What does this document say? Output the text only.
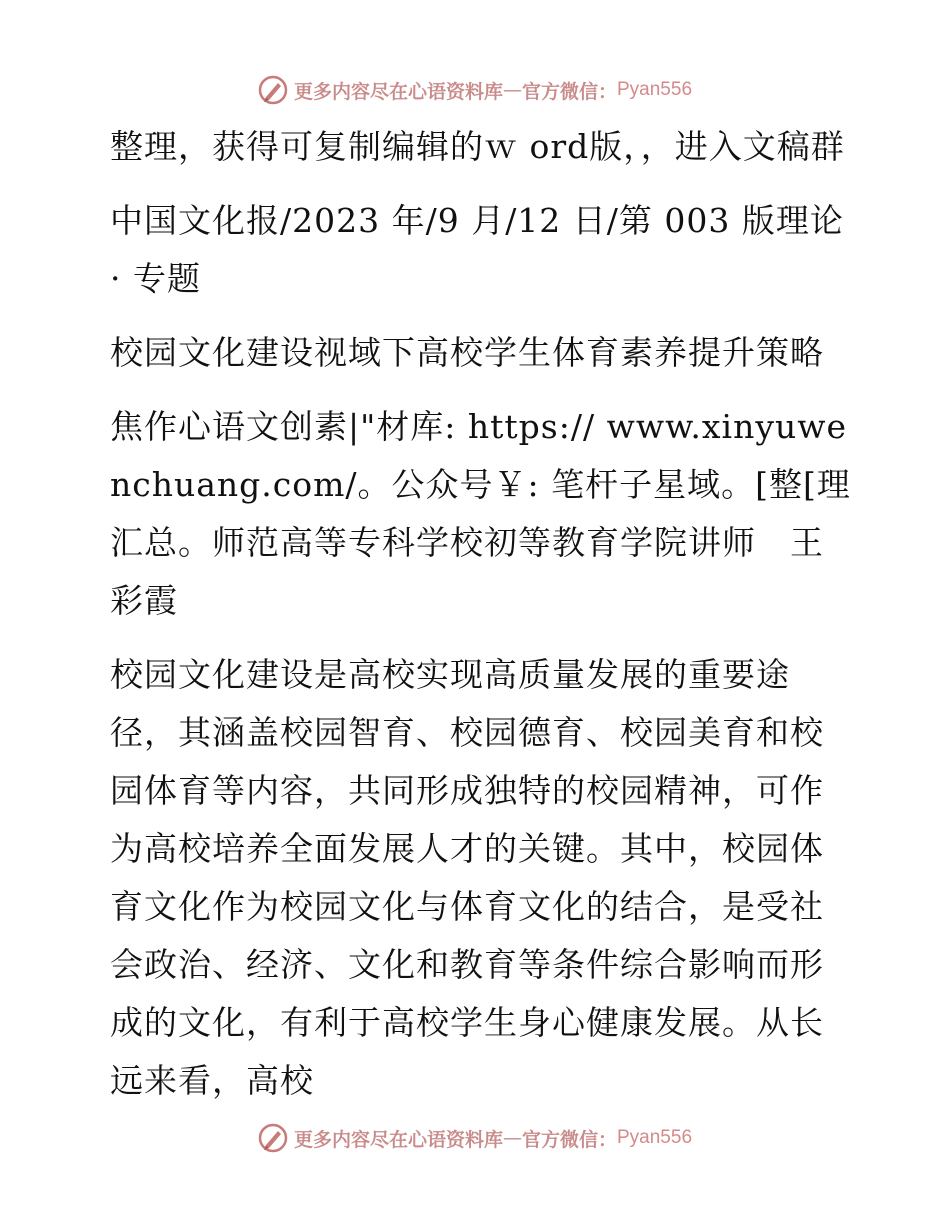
更多内容尽在心语资料库 — 官方微信： Pyan556

整理，获得可复制编辑的ｗ ord版，，进入文稿群

中国文化报/2023 年/9 月/12 日/第 003 版理论 · 专题

校园文化建设视域下高校学生体育素养提升策略

焦作心语文创素|"材库: https:// www.xinyuwenchuang.com/。公众号￥: 笔杆子星域。[整[理汇总。师范高等专科学校初等教育学院讲师　王彩霞

校园文化建设是高校实现高质量发展的重要途径，其涵盖校园智育、校园德育、校园美育和校园体育等内容，共同形成独特的校园精神，可作为高校培养全面发展人才的关键。其中，校园体育文化作为校园文化与体育文化的结合，是受社会政治、经济、文化和教育等条件综合影响而形成的文化，有利于高校学生身心健康发展。从长远来看，高校

更多内容尽在心语资料库 — 官方微信： Pyan556
